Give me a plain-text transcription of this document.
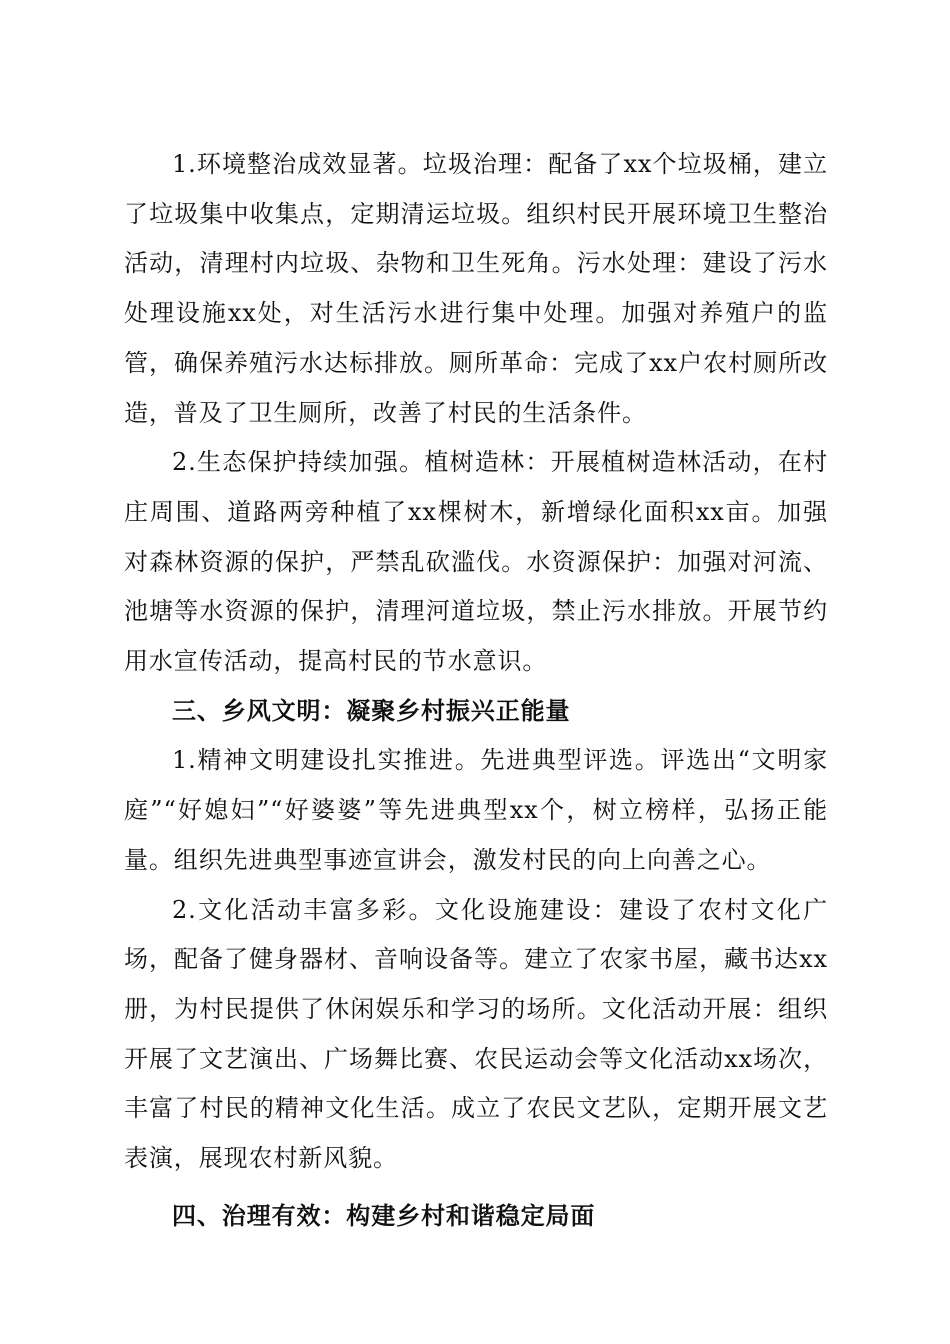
1.环境整治成效显著。垃圾治理：配备了xx个垃圾桶，建立了垃圾集中收集点，定期清运垃圾。组织村民开展环境卫生整治活动，清理村内垃圾、杂物和卫生死角。污水处理：建设了污水处理设施xx处，对生活污水进行集中处理。加强对养殖户的监管，确保养殖污水达标排放。厕所革命：完成了xx户农村厕所改造，普及了卫生厕所，改善了村民的生活条件。

2.生态保护持续加强。植树造林：开展植树造林活动，在村庄周围、道路两旁种植了xx棵树木，新增绿化面积xx亩。加强对森林资源的保护，严禁乱砍滥伐。水资源保护：加强对河流、池塘等水资源的保护，清理河道垃圾，禁止污水排放。开展节约用水宣传活动，提高村民的节水意识。

三、乡风文明：凝聚乡村振兴正能量

1.精神文明建设扎实推进。先进典型评选。评选出“文明家庭”“好媳妇”“好婆婆”等先进典型xx个，树立榜样，弘扬正能量。组织先进典型事迹宣讲会，激发村民的向上向善之心。

2.文化活动丰富多彩。文化设施建设：建设了农村文化广场，配备了健身器材、音响设备等。建立了农家书屋，藏书达xx册，为村民提供了休闲娱乐和学习的场所。文化活动开展：组织开展了文艺演出、广场舞比赛、农民运动会等文化活动xx场次，丰富了村民的精神文化生活。成立了农民文艺队，定期开展文艺表演，展现农村新风貌。

四、治理有效：构建乡村和谐稳定局面
